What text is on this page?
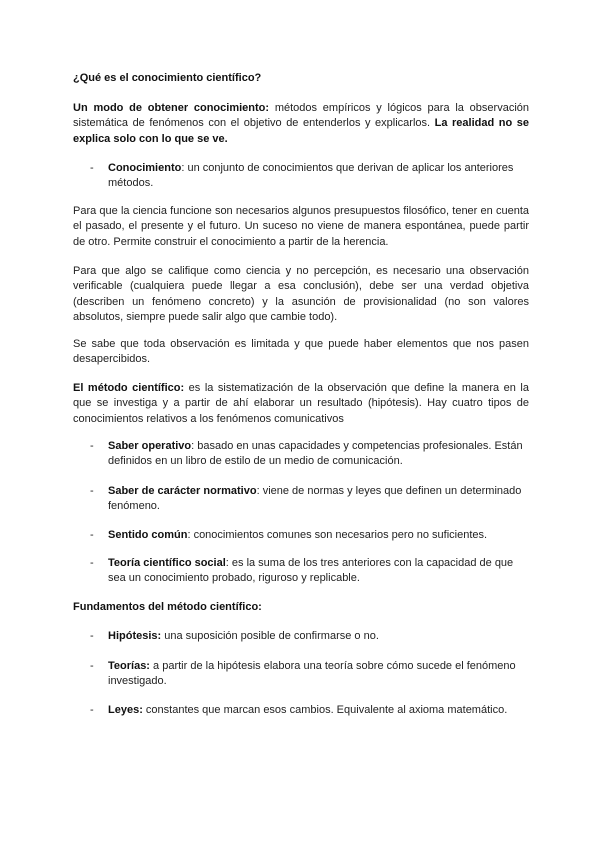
¿Qué es el conocimiento científico?

Un modo de obtener conocimiento: métodos empíricos y lógicos para la observación sistemática de fenómenos con el objetivo de entenderlos y explicarlos. La realidad no se explica solo con lo que se ve.

-	Conocimiento: un conjunto de conocimientos que derivan de aplicar los anteriores métodos.

Para que la ciencia funcione son necesarios algunos presupuestos filosófico, tener en cuenta el pasado, el presente y el futuro. Un suceso no viene de manera espontánea, puede partir de otro. Permite construir el conocimiento a partir de la herencia.

Para que algo se califique como ciencia y no percepción, es necesario una observación verificable (cualquiera puede llegar a esa conclusión), debe ser una verdad objetiva (describen un fenómeno concreto) y la asunción de provisionalidad (no son valores absolutos, siempre puede salir algo que cambie todo).

Se sabe que toda observación es limitada y que puede haber elementos que nos pasen desapercibidos.

El método científico: es la sistematización de la observación que define la manera en la que se investiga y a partir de ahí elaborar un resultado (hipótesis). Hay cuatro tipos de conocimientos relativos a los fenómenos comunicativos

-	Saber operativo: basado en unas capacidades y competencias profesionales. Están definidos en un libro de estilo de un medio de comunicación.

-	Saber de carácter normativo: viene de normas y leyes que definen un determinado fenómeno.

-	Sentido común: conocimientos comunes son necesarios pero no suficientes.

-	Teoría científico social: es la suma de los tres anteriores con la capacidad de que sea un conocimiento probado, riguroso y replicable.

Fundamentos del método científico:

-	Hipótesis: una suposición posible de confirmarse o no.

-	Teorías: a partir de la hipótesis elabora una teoría sobre cómo sucede el fenómeno investigado.

-	Leyes: constantes que marcan esos cambios. Equivalente al axioma matemático.
